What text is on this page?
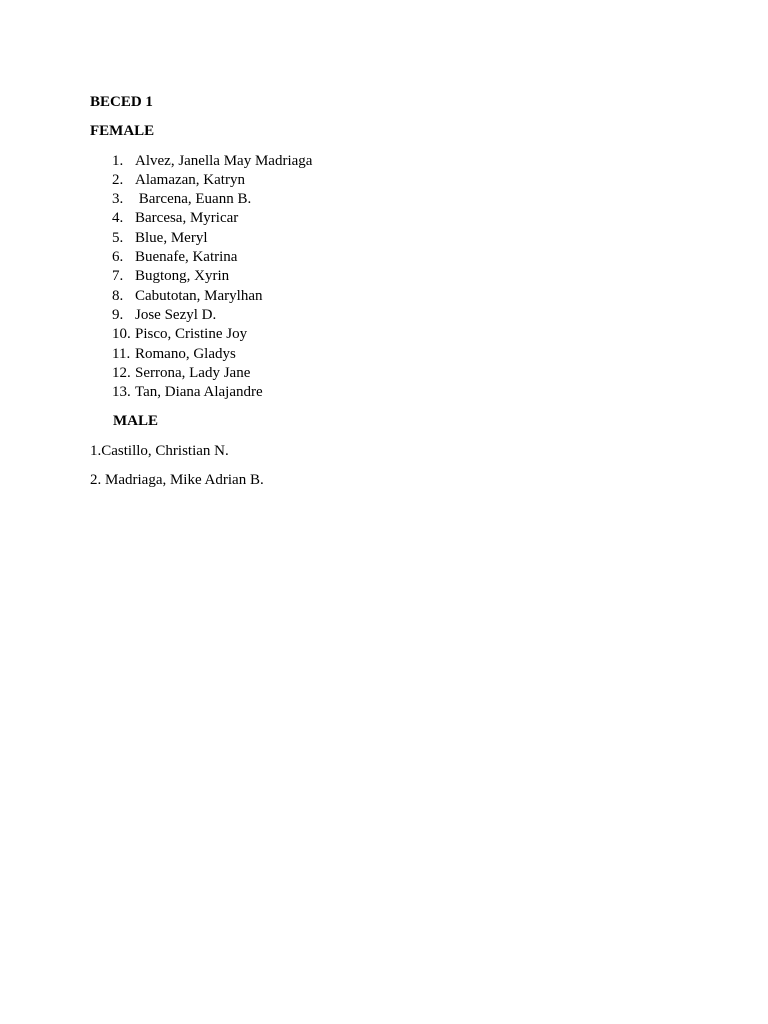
BECED 1

FEMALE

1. Alvez, Janella May Madriaga
2. Alamazan, Katryn
3. Barcena, Euann B.
4. Barcesa, Myricar
5. Blue, Meryl
6. Buenafe, Katrina
7. Bugtong, Xyrin
8. Cabutotan, Marylhan
9. Jose Sezyl D.
10. Pisco, Cristine Joy
11. Romano, Gladys
12. Serrona, Lady Jane
13. Tan, Diana Alajandre

MALE

1.Castillo, Christian N.

2. Madriaga, Mike Adrian B.
